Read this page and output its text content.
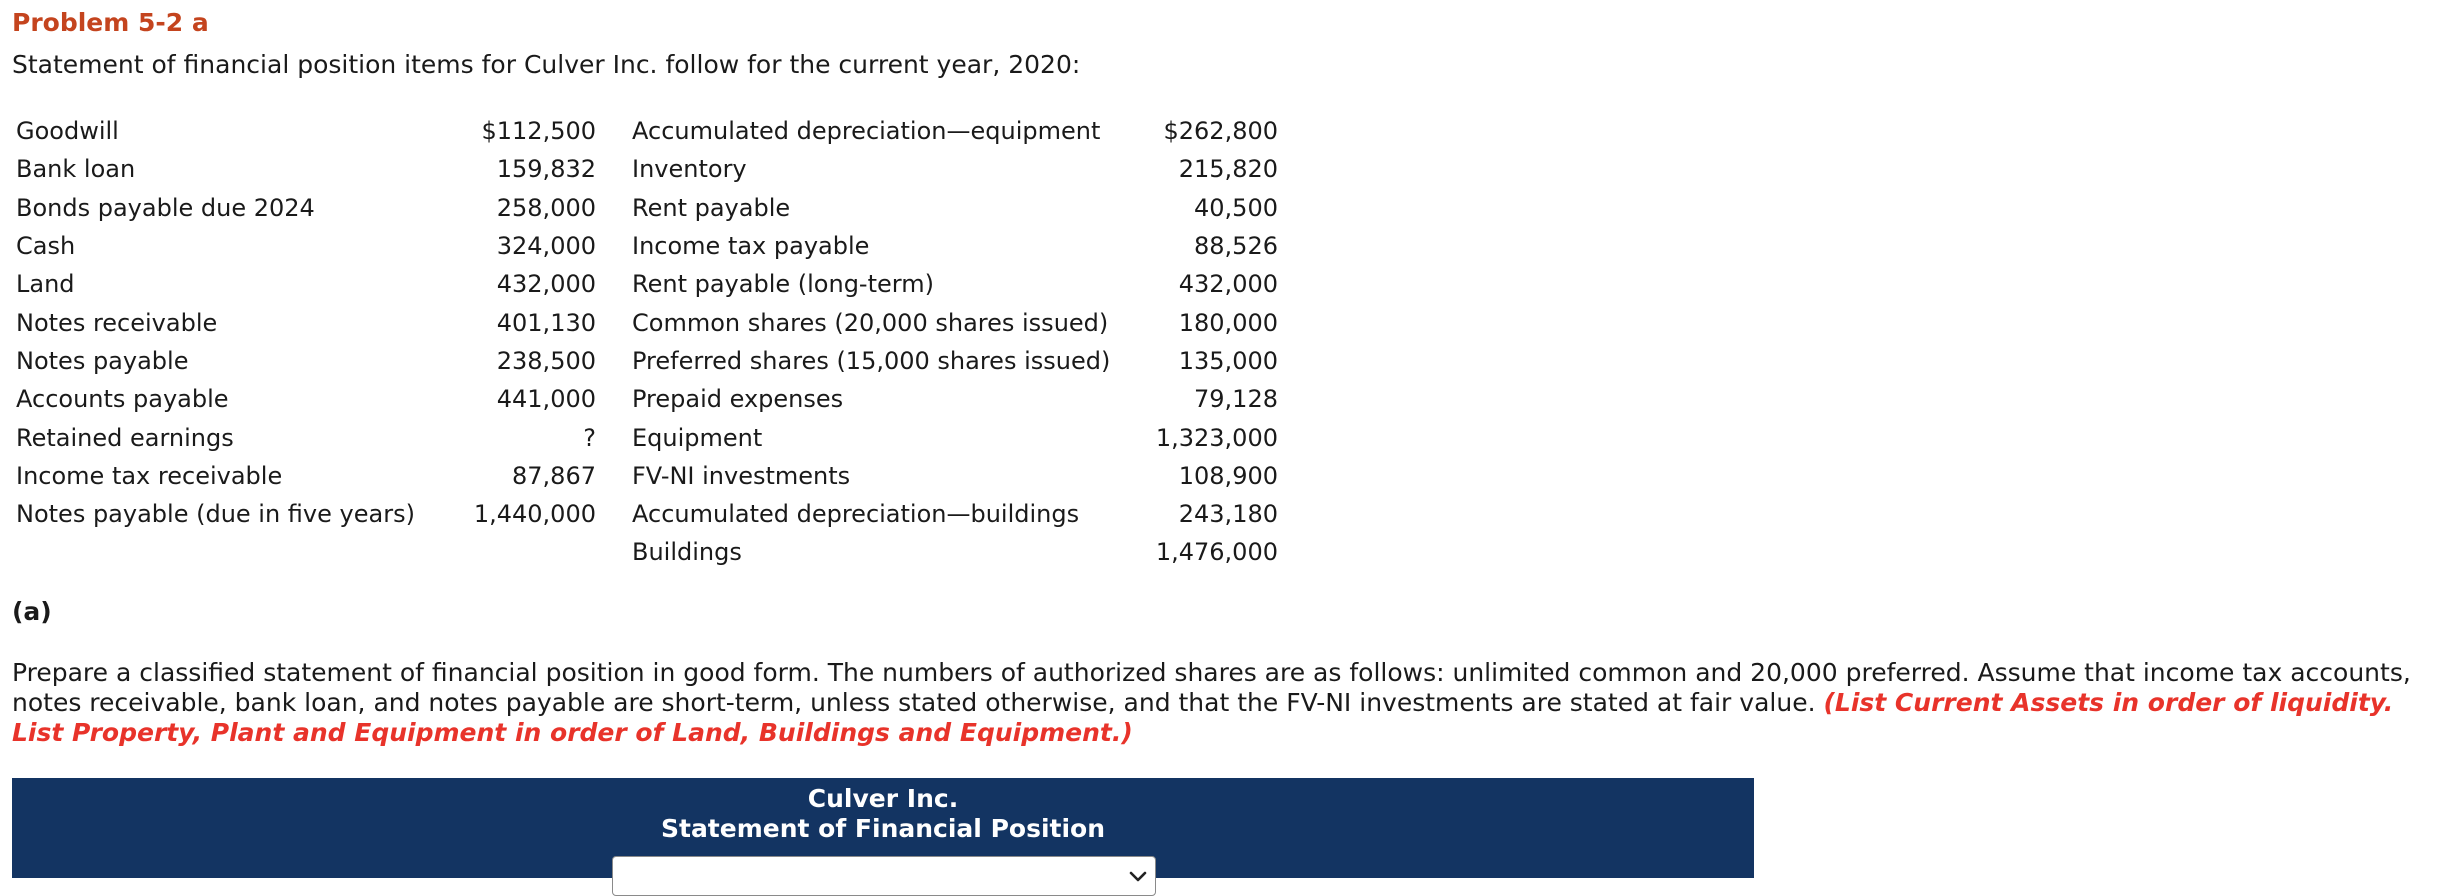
Problem 5-2 a
Statement of financial position items for Culver Inc. follow for the current year, 2020:
Goodwill	$112,500	Accumulated depreciation—equipment	$262,800
Bank loan	159,832	Inventory	215,820
Bonds payable due 2024	258,000	Rent payable	40,500
Cash	324,000	Income tax payable	88,526
Land	432,000	Rent payable (long-term)	432,000
Notes receivable	401,130	Common shares (20,000 shares issued)	180,000
Notes payable	238,500	Preferred shares (15,000 shares issued)	135,000
Accounts payable	441,000	Prepaid expenses	79,128
Retained earnings	?	Equipment	1,323,000
Income tax receivable	87,867	FV-NI investments	108,900
Notes payable (due in five years)	1,440,000	Accumulated depreciation—buildings	243,180
		Buildings	1,476,000
(a)
Prepare a classified statement of financial position in good form. The numbers of authorized shares are as follows: unlimited common and 20,000 preferred. Assume that income tax accounts, notes receivable, bank loan, and notes payable are short-term, unless stated otherwise, and that the FV-NI investments are stated at fair value. (List Current Assets in order of liquidity. List Property, Plant and Equipment in order of Land, Buildings and Equipment.)
Culver Inc.
Statement of Financial Position
